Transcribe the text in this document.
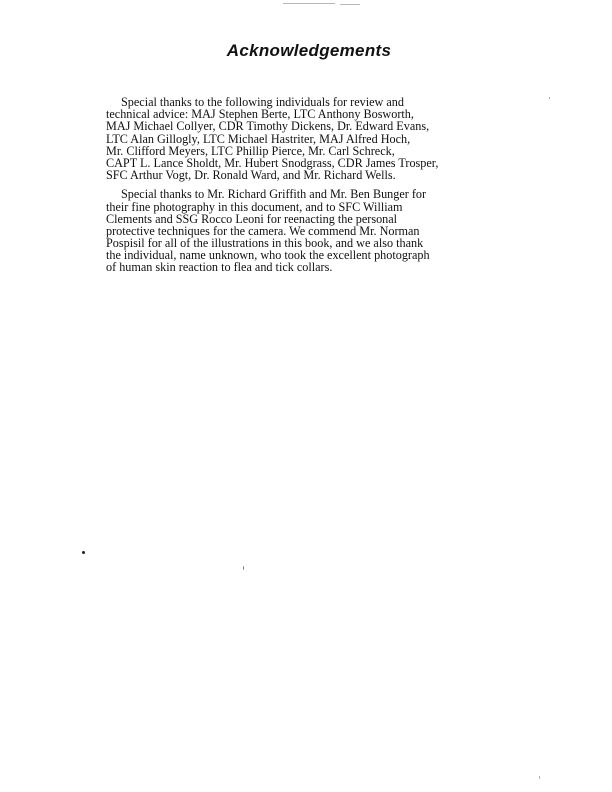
Acknowledgements

Special thanks to the following individuals for review and
technical advice: MAJ Stephen Berte, LTC Anthony Bosworth,
MAJ Michael Collyer, CDR Timothy Dickens, Dr. Edward Evans,
LTC Alan Gillogly, LTC Michael Hastriter, MAJ Alfred Hoch,
Mr. Clifford Meyers, LTC Phillip Pierce, Mr. Carl Schreck,
CAPT L. Lance Sholdt, Mr. Hubert Snodgrass, CDR James Trosper,
SFC Arthur Vogt, Dr. Ronald Ward, and Mr. Richard Wells.

Special thanks to Mr. Richard Griffith and Mr. Ben Bunger for
their fine photography in this document, and to SFC William
Clements and SSG Rocco Leoni for reenacting the personal
protective techniques for the camera. We commend Mr. Norman
Pospisil for all of the illustrations in this book, and we also thank
the individual, name unknown, who took the excellent photograph
of human skin reaction to flea and tick collars.
